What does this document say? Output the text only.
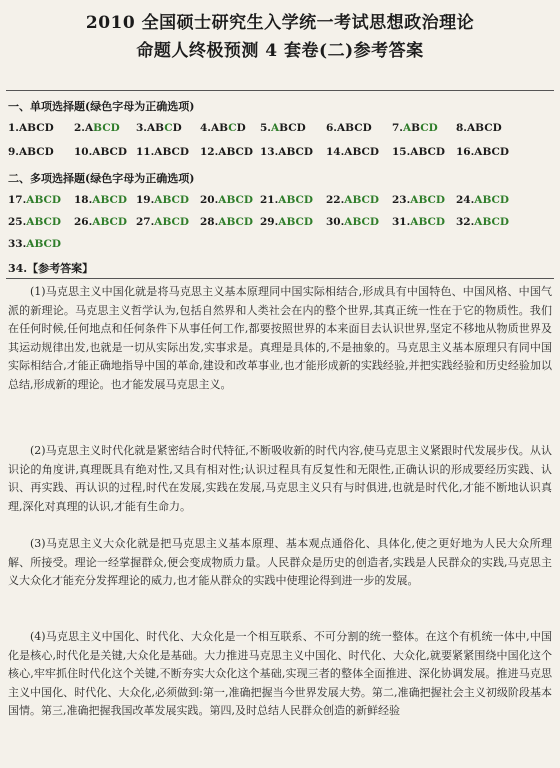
2010 全国硕士研究生入学统一考试思想政治理论
命题人终极预测 4 套卷(二)参考答案
一、单项选择题(绿色字母为正确选项)
1.ABCD 2.ABCD 3.ABCD 4.ABCD 5.ABCD 6.ABCD 7.ABCD 8.ABCD
9.ABCD 10.ABCD 11.ABCD 12.ABCD 13.ABCD 14.ABCD 15.ABCD 16.ABCD
二、多项选择题(绿色字母为正确选项)
17.ABCD 18.ABCD 19.ABCD 20.ABCD 21.ABCD 22.ABCD 23.ABCD 24.ABCD
25.ABCD 26.ABCD 27.ABCD 28.ABCD 29.ABCD 30.ABCD 31.ABCD 32.ABCD
33.ABCD
34.【参考答案】
(1)马克思主义中国化就是将马克思主义基本原理同中国实际相结合,形成具有中国特色、中国风格、中国气派的新理论。马克思主义哲学认为,包括自然界和人类社会在内的整个世界,其真正统一性在于它的物质性。我们在任何时候,任何地点和任何条件下从事任何工作,都要按照世界的本来面目去认识世界,坚定不移地从物质世界及其运动规律出发,也就是一切从实际出发,实事求是。真理是具体的,不是抽象的。马克思主义基本原理只有同中国实际相结合,才能正确地指导中国的革命,建设和改革事业,也才能形成新的实践经验,并把实践经验和历史经验加以总结,形成新的理论。也才能发展马克思主义。
(2)马克思主义时代化就是紧密结合时代特征,不断吸收新的时代内容,使马克思主义紧跟时代发展步伐。从认识论的角度讲,真理既具有绝对性,又具有相对性;认识过程具有反复性和无限性,正确认识的形成要经历实践、认识、再实践、再认识的过程,时代在发展,实践在发展,马克思主义只有与时俱进,也就是时代化,才能不断地认识真理,深化对真理的认识,才能有生命力。
(3)马克思主义大众化就是把马克思主义基本原理、基本观点通俗化、具体化,使之更好地为人民大众所理解、所接受。理论一经掌握群众,便会变成物质力量。人民群众是历史的创造者,实践是人民群众的实践,马克思主义大众化才能充分发挥理论的威力,也才能从群众的实践中使理论得到进一步的发展。
(4)马克思主义中国化、时代化、大众化是一个相互联系、不可分割的统一整体。在这个有机统一体中,中国化是核心,时代化是关键,大众化是基础。大力推进马克思主义中国化、时代化、大众化,就要紧紧围绕中国化这个核心,牢牢抓住时代化这个关键,不断夯实大众化这个基础,实现三者的整体全面推进、深化协调发展。推进马克思主义中国化、时代化、大众化,必须做到:第一,准确把握当今世界发展大势。第二,准确把握社会主义初级阶段基本国情。第三,准确把握我国改革发展实践。第四,及时总结人民群众创造的新鲜经验
